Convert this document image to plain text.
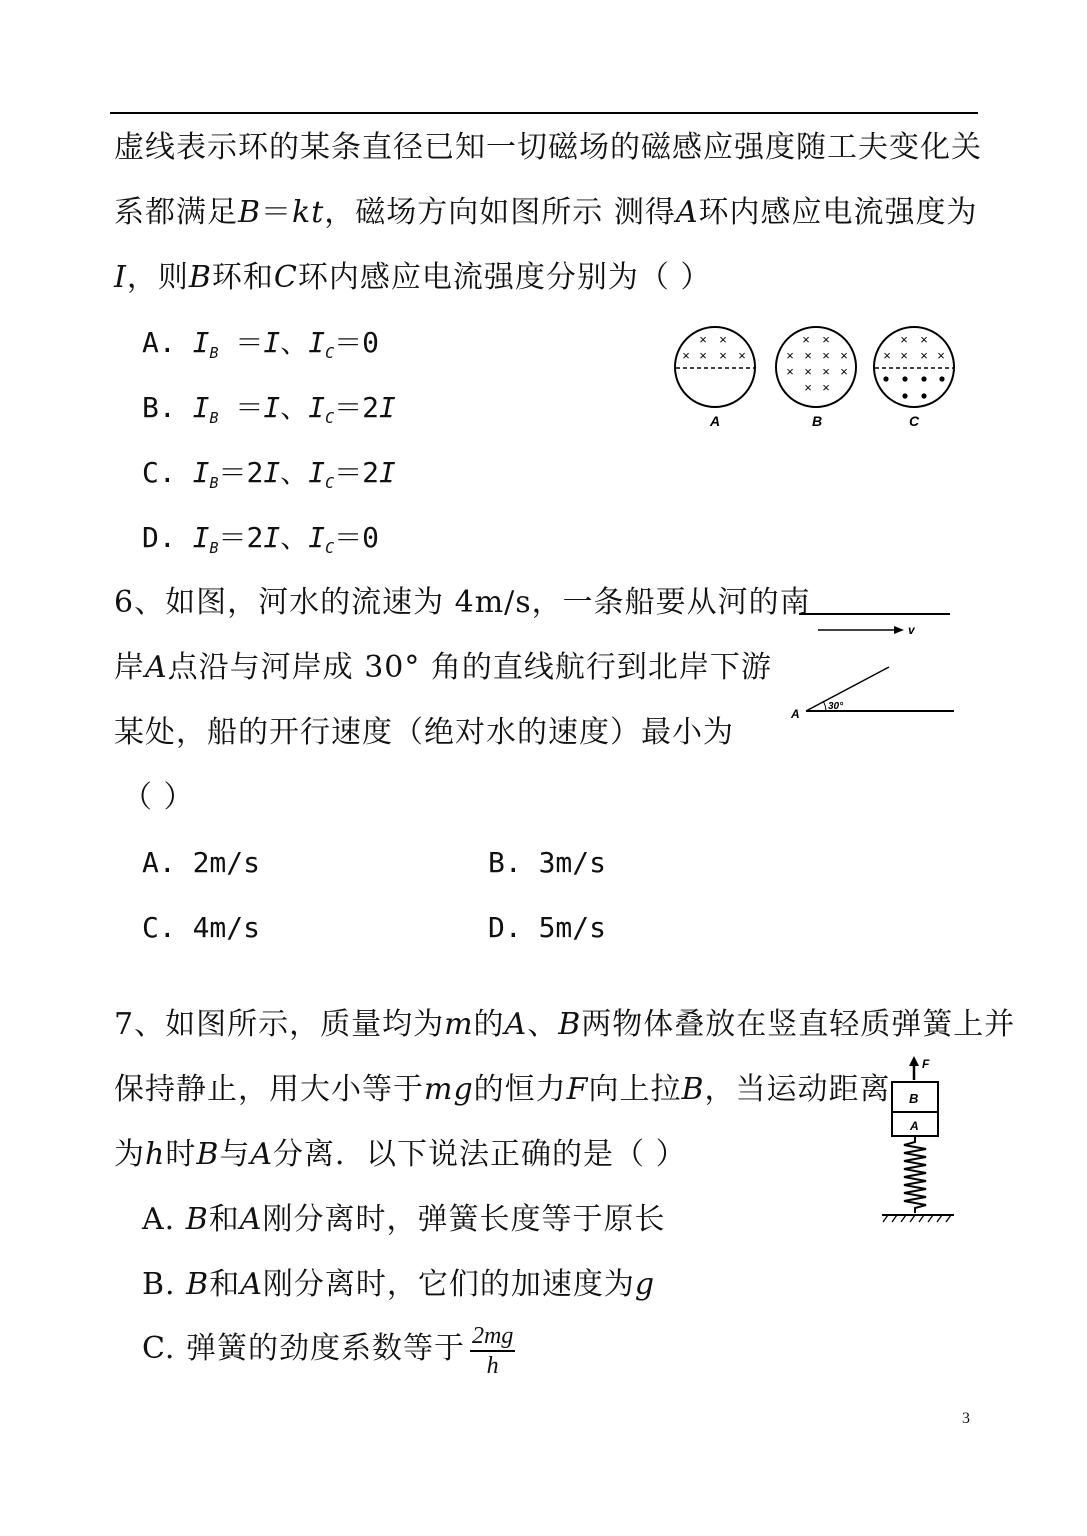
虚线表示环的某条直径已知一切磁场的磁感应强度随工夫变化关
系都满足B＝kt，磁场方向如图所示 测得A环内感应电流强度为
I，则B环和C环内感应电流强度分别为（ ）
A. $I_B =I$、$I_C=0$
B. $I_B =I$、$I_C=2I$
C. $I_B=2I$、$I_C=2I$
D. $I_B=2I$、$I_C=0$
× ×
× × × ×
A
× ×
× × × ×
× × × ×
× ×
B
× ×
× × × ×
C
6、如图，河水的流速为 4m/s，一条船要从河的南
岸A点沿与河岸成 30° 角的直线航行到北岸下游
某处，船的开行速度（绝对水的速度）最小为
（ ）
A. 2m/s	B. 3m/s
C. 4m/s	D. 5m/s
v
A
30°
7、如图所示，质量均为m的A、B两物体叠放在竖直轻质弹簧上并
保持静止，用大小等于mg的恒力F向上拉B，当运动距离
为h时B与A分离．以下说法正确的是（ ）
A. B和A刚分离时，弹簧长度等于原长
B. B和A刚分离时，它们的加速度为g
C. 弹簧的劲度系数等于 $\frac{2mg}{h}$
F
B
A
3
